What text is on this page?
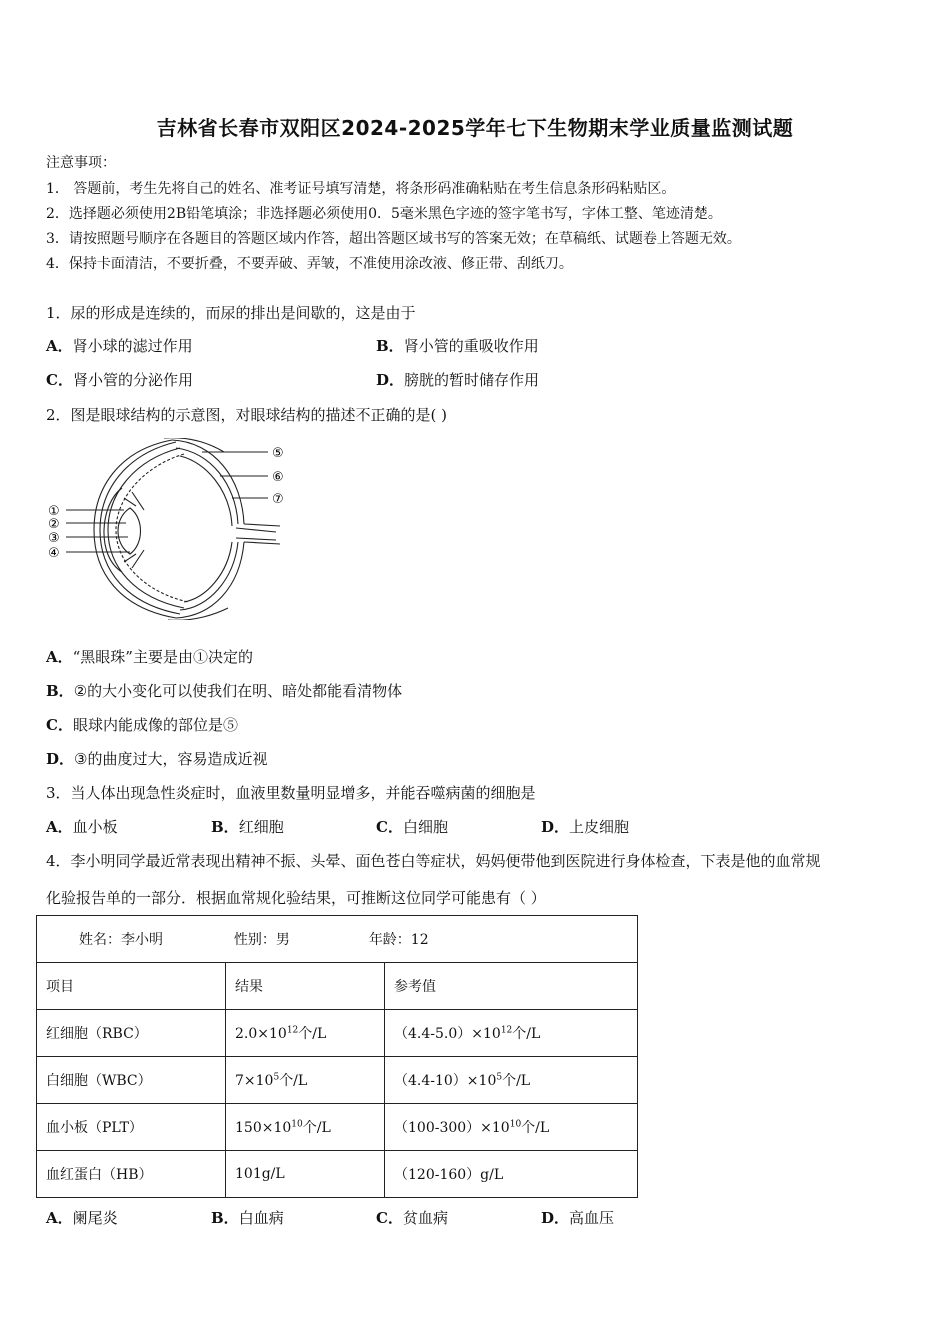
吉林省长春市双阳区2024-2025学年七下生物期末学业质量监测试题
注意事项：
1． 答题前，考生先将自己的姓名、准考证号填写清楚，将条形码准确粘贴在考生信息条形码粘贴区。
2．选择题必须使用2B铅笔填涂；非选择题必须使用0．5毫米黑色字迹的签字笔书写，字体工整、笔迹清楚。
3．请按照题号顺序在各题目的答题区域内作答，超出答题区域书写的答案无效；在草稿纸、试题卷上答题无效。
4．保持卡面清洁，不要折叠，不要弄破、弄皱，不准使用涂改液、修正带、刮纸刀。
1．尿的形成是连续的，而尿的排出是间歇的，这是由于
A．肾小球的滤过作用	B．肾小管的重吸收作用
C．肾小管的分泌作用	D．膀胱的暂时储存作用
2．图是眼球结构的示意图，对眼球结构的描述不正确的是( )
①
②
③
④
⑤
⑥
⑦
A．“黑眼珠”主要是由①决定的
B．②的大小变化可以使我们在明、暗处都能看清物体
C．眼球内能成像的部位是⑤
D．③的曲度过大，容易造成近视
3．当人体出现急性炎症时，血液里数量明显增多，并能吞噬病菌的细胞是
A．血小板	B．红细胞	C．白细胞	D．上皮细胞
4．李小明同学最近常表现出精神不振、头晕、面色苍白等症状，妈妈便带他到医院进行身体检查，下表是他的血常规
化验报告单的一部分．根据血常规化验结果，可推断这位同学可能患有（ ）
姓名：李小明 性别：男 年龄：12		
项目	结果	参考值
红细胞（RBC）	$2.0\times 10^{12}$个/L	$(4.4-5.0)\times 10^{12}$个/L
白细胞（WBC）	$7\times 10^5$个/L	$(4.4-10)\times 10^5$个/L
血小板（PLT）	$150\times 10^{10}$个/L	$(100-300)\times 10^{10}$个/L
血红蛋白（HB）	101g/L	（120-160）g/L
A．阑尾炎	B．白血病	C．贫血病	D．高血压
